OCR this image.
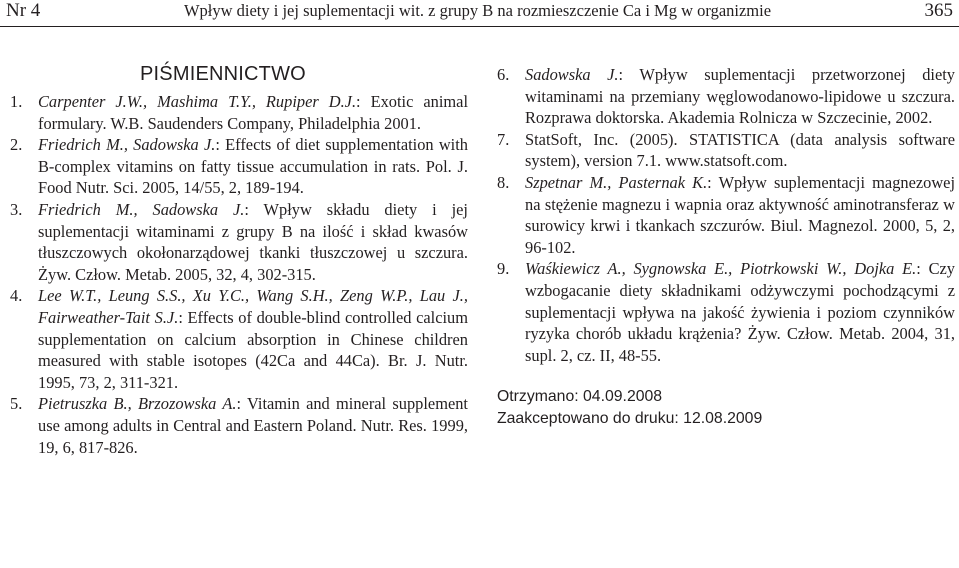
Nr 4	Wpływ diety i jej suplementacji wit. z grupy B na rozmieszczenie Ca i Mg w organizmie	365
PIŚMIENNICTWO
1. Carpenter J.W., Mashima T.Y., Rupiper D.J.: Exotic animal formulary. W.B. Saudenders Company, Philadelphia 2001.
2. Friedrich M., Sadowska J.: Effects of diet supplementation with B-complex vitamins on fatty tissue accumulation in rats. Pol. J. Food Nutr. Sci. 2005, 14/55, 2, 189-194.
3. Friedrich M., Sadowska J.: Wpływ składu diety i jej suplementacji witaminami z grupy B na ilość i skład kwasów tłuszczowych okołonarządowej tkanki tłuszczowej u szczura. Żyw. Człow. Metab. 2005, 32, 4, 302-315.
4. Lee W.T., Leung S.S., Xu Y.C., Wang S.H., Zeng W.P., Lau J., Fairweather-Tait S.J.: Effects of double-blind controlled calcium supplementation on calcium absorption in Chinese children measured with stable isotopes (42Ca and 44Ca). Br. J. Nutr. 1995, 73, 2, 311-321.
5. Pietruszka B., Brzozowska A.: Vitamin and mineral supplement use among adults in Central and Eastern Poland. Nutr. Res. 1999, 19, 6, 817-826.
6. Sadowska J.: Wpływ suplementacji przetworzonej diety witaminami na przemiany węglowodanowo-lipidowe u szczura. Rozprawa doktorska. Akademia Rolnicza w Szczecinie, 2002.
7. StatSoft, Inc. (2005). STATISTICA (data analysis software system), version 7.1. www.statsoft.com.
8. Szpetnar M., Pasternak K.: Wpływ suplementacji magnezowej na stężenie magnezu i wapnia oraz aktywność aminotransferaz w surowicy krwi i tkankach szczurów. Biul. Magnezol. 2000, 5, 2, 96-102.
9. Waśkiewicz A., Sygnowska E., Piotrkowski W., Dojka E.: Czy wzbogacanie diety składnikami odżywczymi pochodzącymi z suplementacji wpływa na jakość żywienia i poziom czynników ryzyka chorób układu krążenia? Żyw. Człow. Metab. 2004, 31, supl. 2, cz. II, 48-55.
Otrzymano: 04.09.2008
Zaakceptowano do druku: 12.08.2009
